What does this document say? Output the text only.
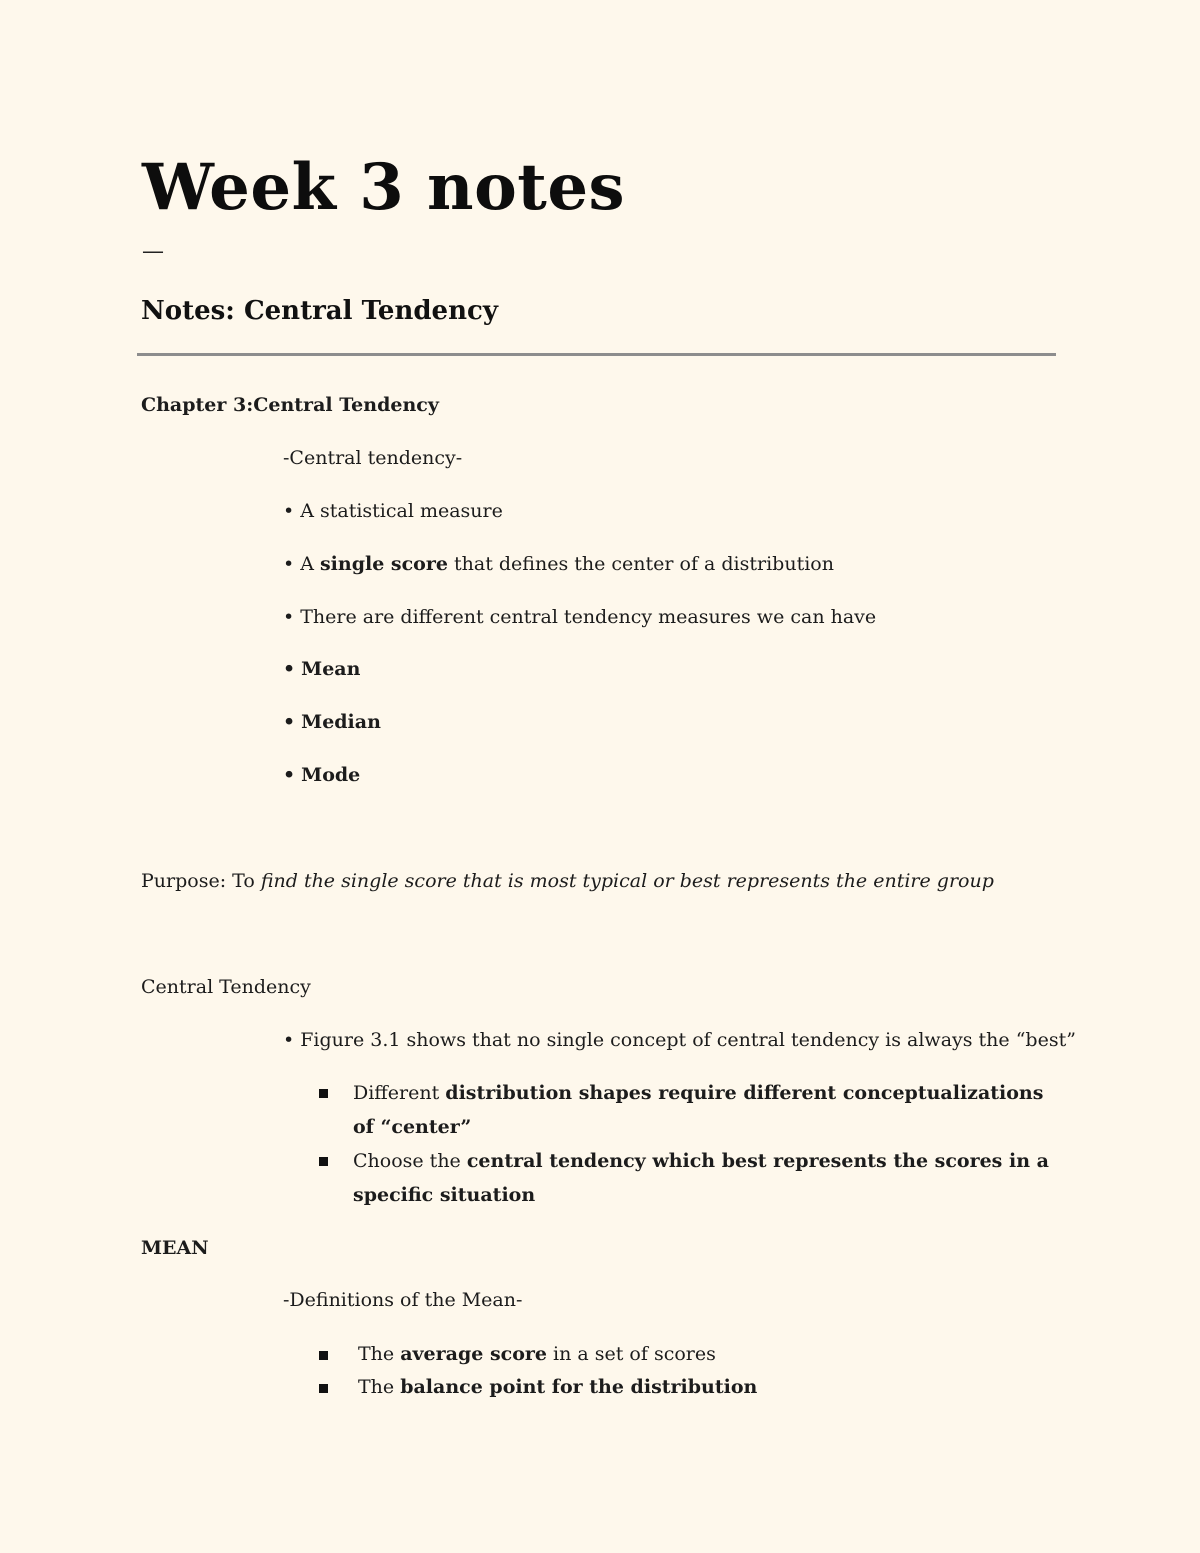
Week 3 notes
—
Notes: Central Tendency
Chapter 3:Central Tendency
-Central tendency-
• A statistical measure
• A single score that defines the center of a distribution
• There are different central tendency measures we can have
• Mean
• Median
• Mode
Purpose: To find the single score that is most typical or best represents the entire group
Central Tendency
• Figure 3.1 shows that no single concept of central tendency is always the “best”
Different distribution shapes require different conceptualizations of “center”
Choose the central tendency which best represents the scores in a specific situation
MEAN
-Definitions of the Mean-
The average score in a set of scores
The balance point for the distribution
